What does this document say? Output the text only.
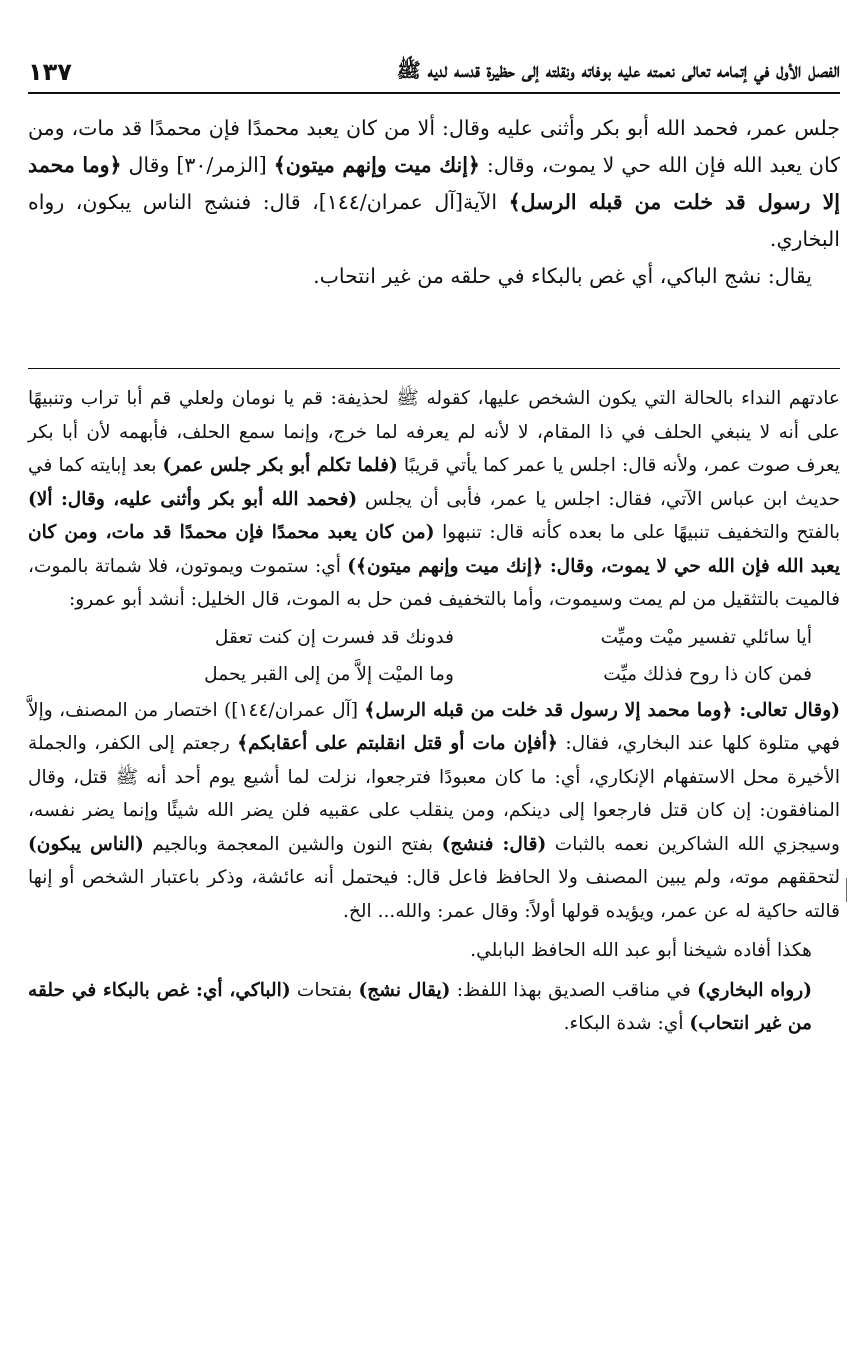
الفصل الأول في إتمامه تعالى نعمته عليه بوفاته ونقلته إلى حظيرة قدسه لديه ﷺ
١٣٧

جلس عمر، فحمد الله أبو بكر وأثنى عليه وقال: ألا من كان يعبد محمدًا فإن محمدًا قد مات، ومن كان يعبد الله فإن الله حي لا يموت، وقال: ﴿إنك ميت وإنهم ميتون﴾ [الزمر/٣٠] وقال ﴿وما محمد إلا رسول قد خلت من قبله الرسل﴾ الآية[آل عمران/١٤٤]، قال: فنشج الناس يبكون، رواه البخاري.

يقال: نشج الباكي، أي غص بالبكاء في حلقه من غير انتحاب.

عادتهم النداء بالحالة التي يكون الشخص عليها، كقوله ﷺ لحذيفة: قم يا نومان ولعلي قم أبا تراب وتنبيهًا على أنه لا ينبغي الحلف في ذا المقام، لا لأنه لم يعرفه لما خرج، وإنما سمع الحلف، فأبهمه لأن أبا بكر يعرف صوت عمر، ولأنه قال: اجلس يا عمر كما يأتي قريبًا (فلما تكلم أبو بكر جلس عمر) بعد إبايته كما في حديث ابن عباس الآتي، فقال: اجلس يا عمر، فأبى أن يجلس (فحمد الله أبو بكر وأثنى عليه، وقال: ألا) بالفتح والتخفيف تنبيهًا على ما بعده كأنه قال: تنبهوا (من كان يعبد محمدًا فإن محمدًا قد مات، ومن كان يعبد الله فإن الله حي لا يموت، وقال: ﴿إنك ميت وإنهم ميتون﴾) أي: ستموت ويموتون، فلا شماتة بالموت، فالميت بالتثقيل من لم يمت وسيموت، وأما بالتخفيف فمن حل به الموت، قال الخليل: أنشد أبو عمرو:

أيا سائلي تفسير ميْت وميِّت
فدونك قد فسرت إن كنت تعقل
فمن كان ذا روح فذلك ميِّت
وما الميْت إلاَّ من إلى القبر يحمل

(وقال تعالى: ﴿وما محمد إلا رسول قد خلت من قبله الرسل﴾ [آل عمران/١٤٤]) اختصار من المصنف، وإلاَّ فهي متلوة كلها عند البخاري، فقال: ﴿أفإن مات أو قتل انقلبتم على أعقابكم﴾ رجعتم إلى الكفر، والجملة الأخيرة محل الاستفهام الإنكاري، أي: ما كان معبودًا فترجعوا، نزلت لما أشيع يوم أحد أنه ﷺ قتل، وقال المنافقون: إن كان قتل فارجعوا إلى دينكم، ومن ينقلب على عقبيه فلن يضر الله شيئًا وإنما يضر نفسه، وسيجزي الله الشاكرين نعمه بالثبات (قال: فنشج) بفتح النون والشين المعجمة وبالجيم (الناس يبكون) لتحققهم موته، ولم يبين المصنف ولا الحافظ فاعل قال: فيحتمل أنه عائشة، وذكر باعتبار الشخص أو إنها قالته حاكية له عن عمر، ويؤيده قولها أولاً: وقال عمر: والله... الخ.

هكذا أفاده شيخنا أبو عبد الله الحافظ البابلي.

(رواه البخاري) في مناقب الصديق بهذا اللفظ: (يقال نشج) بفتحات (الباكي، أي: غص بالبكاء في حلقه من غير انتحاب) أي: شدة البكاء.
